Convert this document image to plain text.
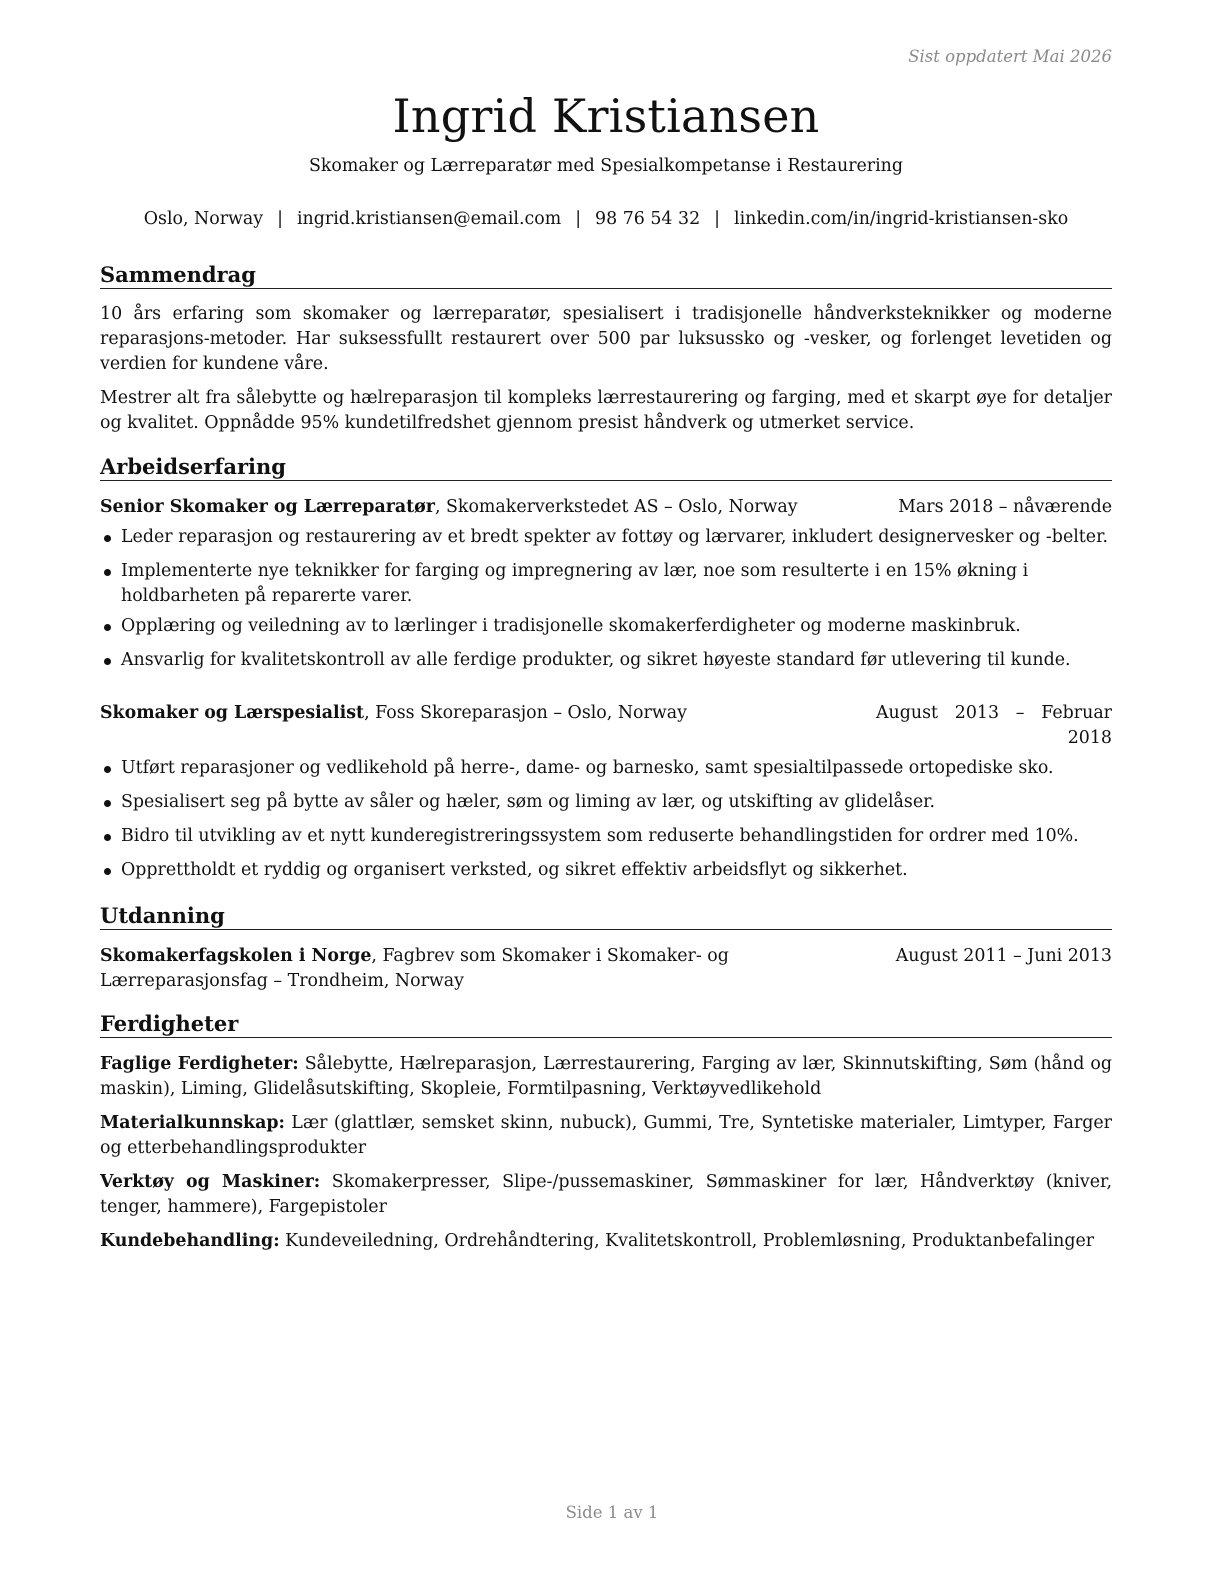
Sist oppdatert Mai 2026
Ingrid Kristiansen
Skomaker og Lærreparatør med Spesialkompetanse i Restaurering
Oslo, Norway | ingrid.kristiansen@email.com | 98 76 54 32 | linkedin.com/in/ingrid-kristiansen-sko
Sammendrag

10 års erfaring som skomaker og lærreparatør, spesialisert i tradisjonelle håndverksteknikker og moderne reparasjons-metoder. Har suksessfullt restaurert over 500 par luksussko og -vesker, og forlenget levetiden og verdien for kundene våre.

Mestrer alt fra sålebytte og hælreparasjon til kompleks lærrestaurering og farging, med et skarpt øye for detaljer og kvalitet. Oppnådde 95% kundetilfredshet gjennom presist håndverk og utmerket service.

Arbeidserfaring
Senior Skomaker og Lærreparatør, Skomakerverkstedet AS – Oslo, Norway	Mars 2018 – nåværende
Leder reparasjon og restaurering av et bredt spekter av fottøy og lærvarer, inkludert designervesker og -belter.
Implementerte nye teknikker for farging og impregnering av lær, noe som resulterte i en 15% økning i holdbarheten på reparerte varer.
Opplæring og veiledning av to lærlinger i tradisjonelle skomakerferdigheter og moderne maskinbruk.
Ansvarlig for kvalitetskontroll av alle ferdige produkter, og sikret høyeste standard før utlevering til kunde.
Skomaker og Lærspesialist, Foss Skoreparasjon – Oslo, Norway	August 2013 – Februar 2018
Utført reparasjoner og vedlikehold på herre-, dame- og barnesko, samt spesialtilpassede ortopediske sko.
Spesialisert seg på bytte av såler og hæler, søm og liming av lær, og utskifting av glidelåser.
Bidro til utvikling av et nytt kunderegistreringssystem som reduserte behandlingstiden for ordrer med 10%.
Opprettholdt et ryddig og organisert verksted, og sikret effektiv arbeidsflyt og sikkerhet.
Utdanning
Skomakerfagskolen i Norge, Fagbrev som Skomaker i Skomaker- og Lærreparasjonsfag – Trondheim, Norway
August 2011 – Juni 2013
Ferdigheter

Faglige Ferdigheter: Sålebytte, Hælreparasjon, Lærrestaurering, Farging av lær, Skinnutskifting, Søm (hånd og maskin), Liming, Glidelåsutskifting, Skopleie, Formtilpasning, Verktøyvedlikehold

Materialkunnskap: Lær (glattlær, semsket skinn, nubuck), Gummi, Tre, Syntetiske materialer, Limtyper, Farger og etterbehandlingsprodukter

Verktøy og Maskiner: Skomakerpresser, Slipe-/pussemaskiner, Sømmaskiner for lær, Håndverktøy (kniver, tenger, hammere), Fargepistoler

Kundebehandling: Kundeveiledning, Ordrehåndtering, Kvalitetskontroll, Problemløsning, Produktanbefalinger

Side 1 av 1
